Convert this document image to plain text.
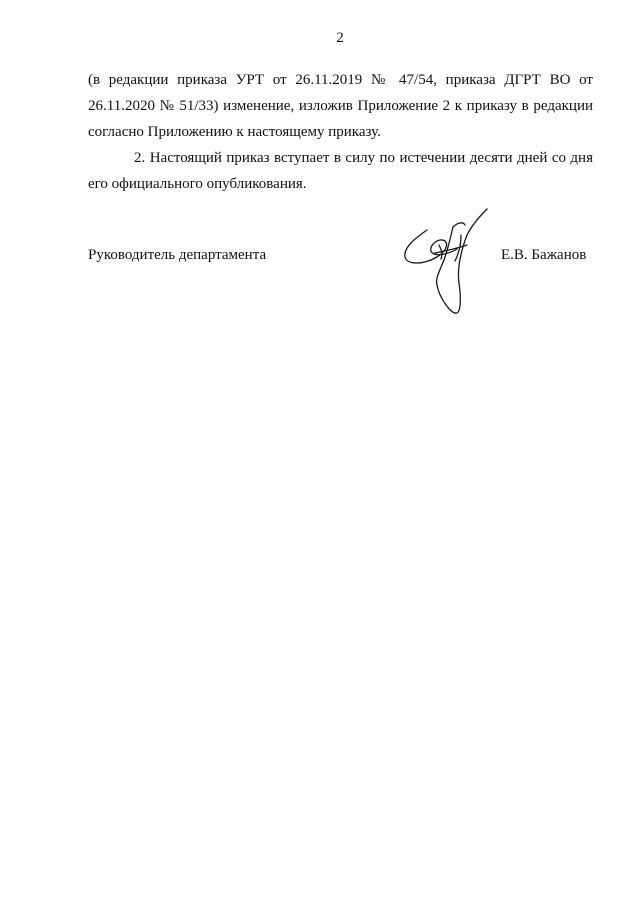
2
(в редакции приказа УРТ от 26.11.2019 № 47/54, приказа ДГРТ ВО от
26.11.2020 № 51/33) изменение, изложив Приложение 2 к приказу в редакции
согласно Приложению к настоящему приказу.
2. Настоящий приказ вступает в силу по истечении десяти дней со дня
его официального опубликования.
Руководитель департамента	Е.В. Бажанов
